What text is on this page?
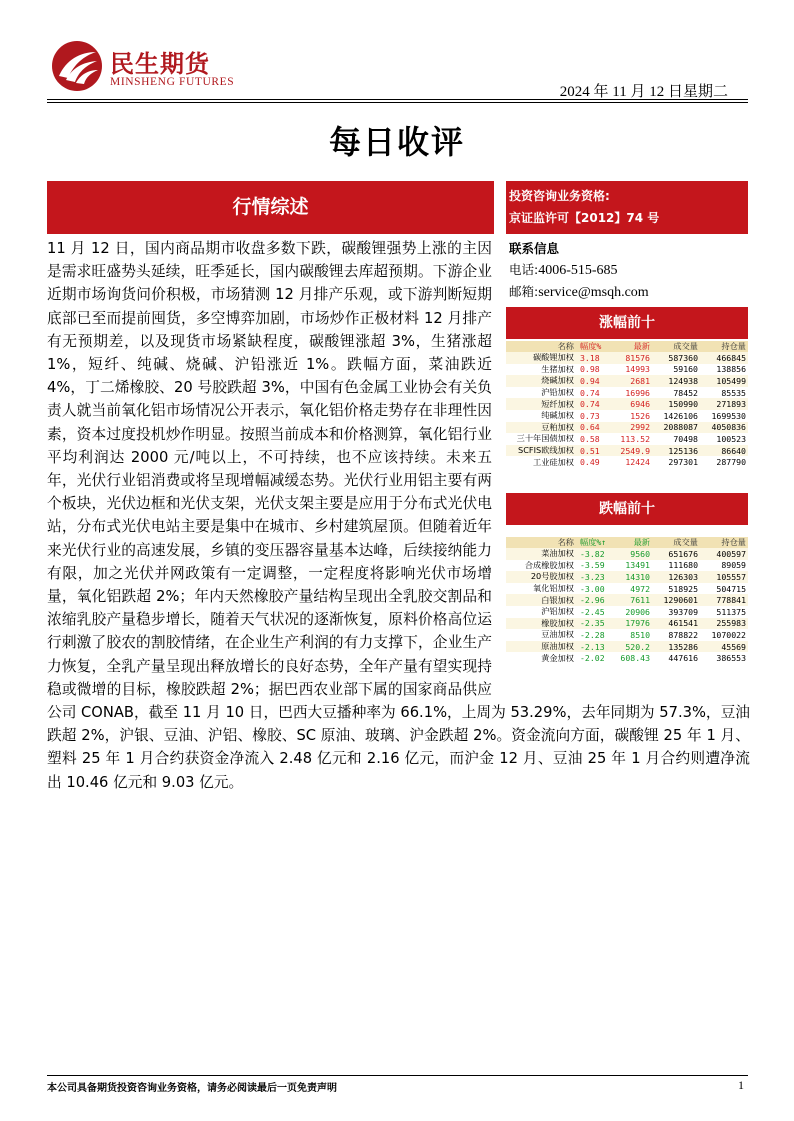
民生期货
MINSHENG FUTURES
2024 年 11 月 12 日星期二
每日收评
行情综述	投资咨询业务资格:
京证监许可【2012】74 号
联系信息
电话:4006-515-685
邮箱:service@msqh.com
11 月 12 日，国内商品期市收盘多数下跌，碳酸锂强势上涨的主因是需求旺盛势头延续，旺季延长，国内碳酸锂去库超预期。下游企业近期市场询货问价积极，市场猜测 12 月排产乐观，或下游判断短期底部已至而提前囤货，多空博弈加剧，市场炒作正极材料 12 月排产有无预期差，以及现货市场紧缺程度，碳酸锂涨超 3%，生猪涨超 1%，短纤、纯碱、烧碱、沪铅涨近 1%。跌幅方面，菜油跌近 4%，丁二烯橡胶、20 号胶跌超 3%，中国有色金属工业协会有关负责人就当前氧化铝市场情况公开表示，氧化铝价格走势存在非理性因素，资本过度投机炒作明显。按照当前成本和价格测算，氧化铝行业平均利润达 2000 元/吨以上，不可持续，也不应该持续。未来五年，光伏行业铝消费或将呈现增幅减缓态势。光伏行业用铝主要有两个板块，光伏边框和光伏支架，光伏支架主要是应用于分布式光伏电站，分布式光伏电站主要是集中在城市、乡村建筑屋顶。但随着近年来光伏行业的高速发展，乡镇的变压器容量基本达峰，后续接纳能力有限，加之光伏并网政策有一定调整，一定程度将影响光伏市场增量，氧化铝跌超 2%；年内天然橡胶产量结构呈现出全乳胶交割品和浓缩乳胶产量稳步增长，随着天气状况的逐渐恢复，原料价格高位运行刺激了胶农的割胶情绪，在企业生产利润的有力支撑下，企业生产力恢复，全乳产量呈现出释放增长的良好态势，全年产量有望实现持稳或微增的目标，橡胶跌超 2%；据巴西农业部下属的国家商品供应公司 CONAB，截至 11 月 10 日，巴西大豆播种率为 66.1%，上周为 53.29%，去年同期为 57.3%，豆油跌超 2%，沪银、豆油、沪铝、橡胶、SC 原油、玻璃、沪金跌超 2%。资金流向方面，碳酸锂 25 年 1 月、塑料 25 年 1 月合约获资金净流入 2.48 亿元和 2.16 亿元，而沪金 12 月、豆油 25 年 1 月合约则遭净流出 10.46 亿元和 9.03 亿元。
涨幅前十
名称	幅度%	最新	成交量	持仓量
碳酸锂加权	3.18	81576	587360	466845
生猪加权	0.98	14993	59160	138856
烧碱加权	0.94	2681	124938	105499
沪铅加权	0.74	16996	78452	85535
短纤加权	0.74	6946	150990	271893
纯碱加权	0.73	1526	1426106	1699530
豆粕加权	0.64	2992	2088087	4050836
三十年国债加权	0.58	113.52	70498	100523
SCFIS欧线加权	0.51	2549.9	125136	86640
工业硅加权	0.49	12424	297301	287790
跌幅前十
名称	幅度%↑	最新	成交量	持仓量
菜油加权	-3.82	9560	651676	400597
合成橡胶加权	-3.59	13491	111680	89059
20号胶加权	-3.23	14310	126303	105557
氧化铝加权	-3.00	4972	518925	504715
白银加权	-2.96	7611	1290601	778841
沪铝加权	-2.45	20906	393709	511375
橡胶加权	-2.35	17976	461541	255983
豆油加权	-2.28	8510	878822	1070022
原油加权	-2.13	520.2	135286	45569
黄金加权	-2.02	608.43	447616	386553
本公司具备期货投资咨询业务资格，请务必阅读最后一页免责声明	1
